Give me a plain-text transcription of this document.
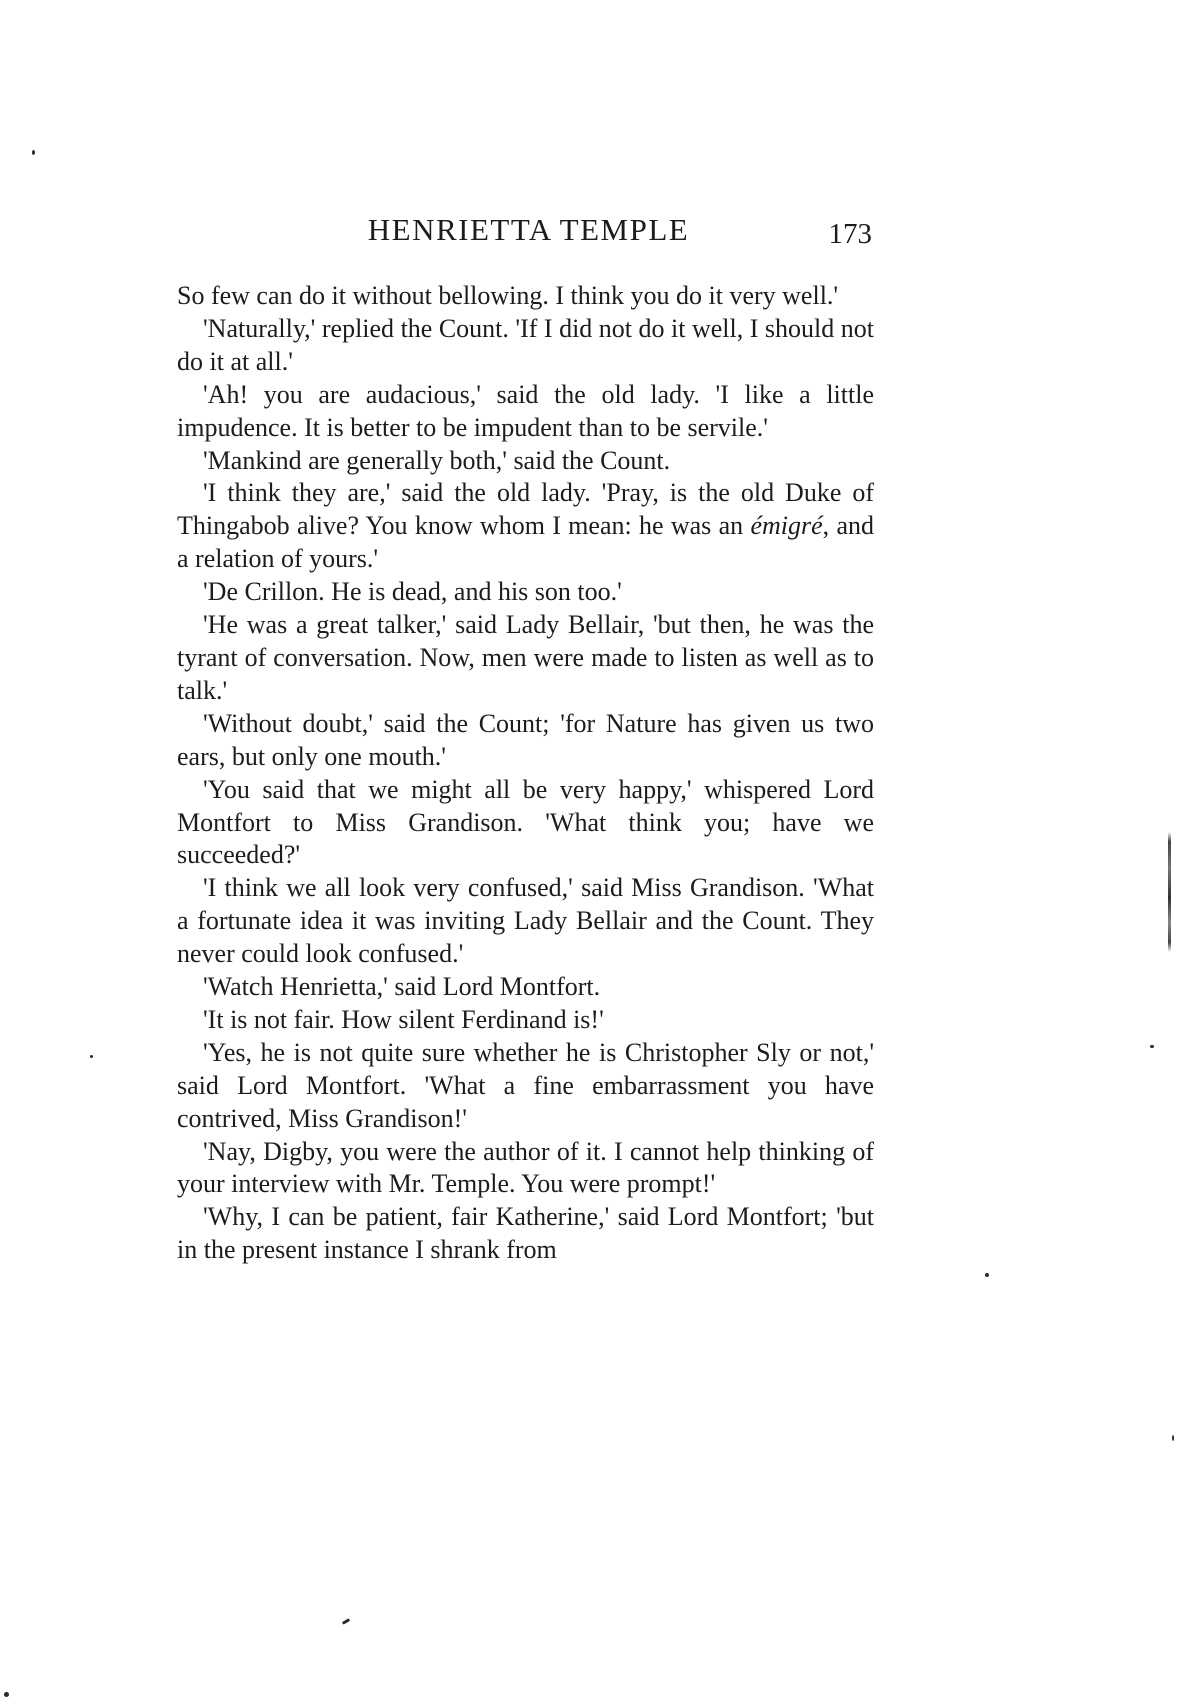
HENRIETTA TEMPLE	173

So few can do it without bellowing. I think you do it very well.'

'Naturally,' replied the Count. 'If I did not do it well, I should not do it at all.'

'Ah! you are audacious,' said the old lady. 'I like a little impudence. It is better to be impudent than to be servile.'

'Mankind are generally both,' said the Count.

'I think they are,' said the old lady. 'Pray, is the old Duke of Thingabob alive? You know whom I mean: he was an émigré, and a relation of yours.'

'De Crillon. He is dead, and his son too.'

'He was a great talker,' said Lady Bellair, 'but then, he was the tyrant of conversation. Now, men were made to listen as well as to talk.'

'Without doubt,' said the Count; 'for Nature has given us two ears, but only one mouth.'

'You said that we might all be very happy,' whispered Lord Montfort to Miss Grandison. 'What think you; have we succeeded?'

'I think we all look very confused,' said Miss Grandison. 'What a fortunate idea it was inviting Lady Bellair and the Count. They never could look confused.'

'Watch Henrietta,' said Lord Montfort.

'It is not fair. How silent Ferdinand is!'

'Yes, he is not quite sure whether he is Christopher Sly or not,' said Lord Montfort. 'What a fine embarrassment you have contrived, Miss Grandison!'

'Nay, Digby, you were the author of it. I cannot help thinking of your interview with Mr. Temple. You were prompt!'

'Why, I can be patient, fair Katherine,' said Lord Montfort; 'but in the present instance I shrank from
